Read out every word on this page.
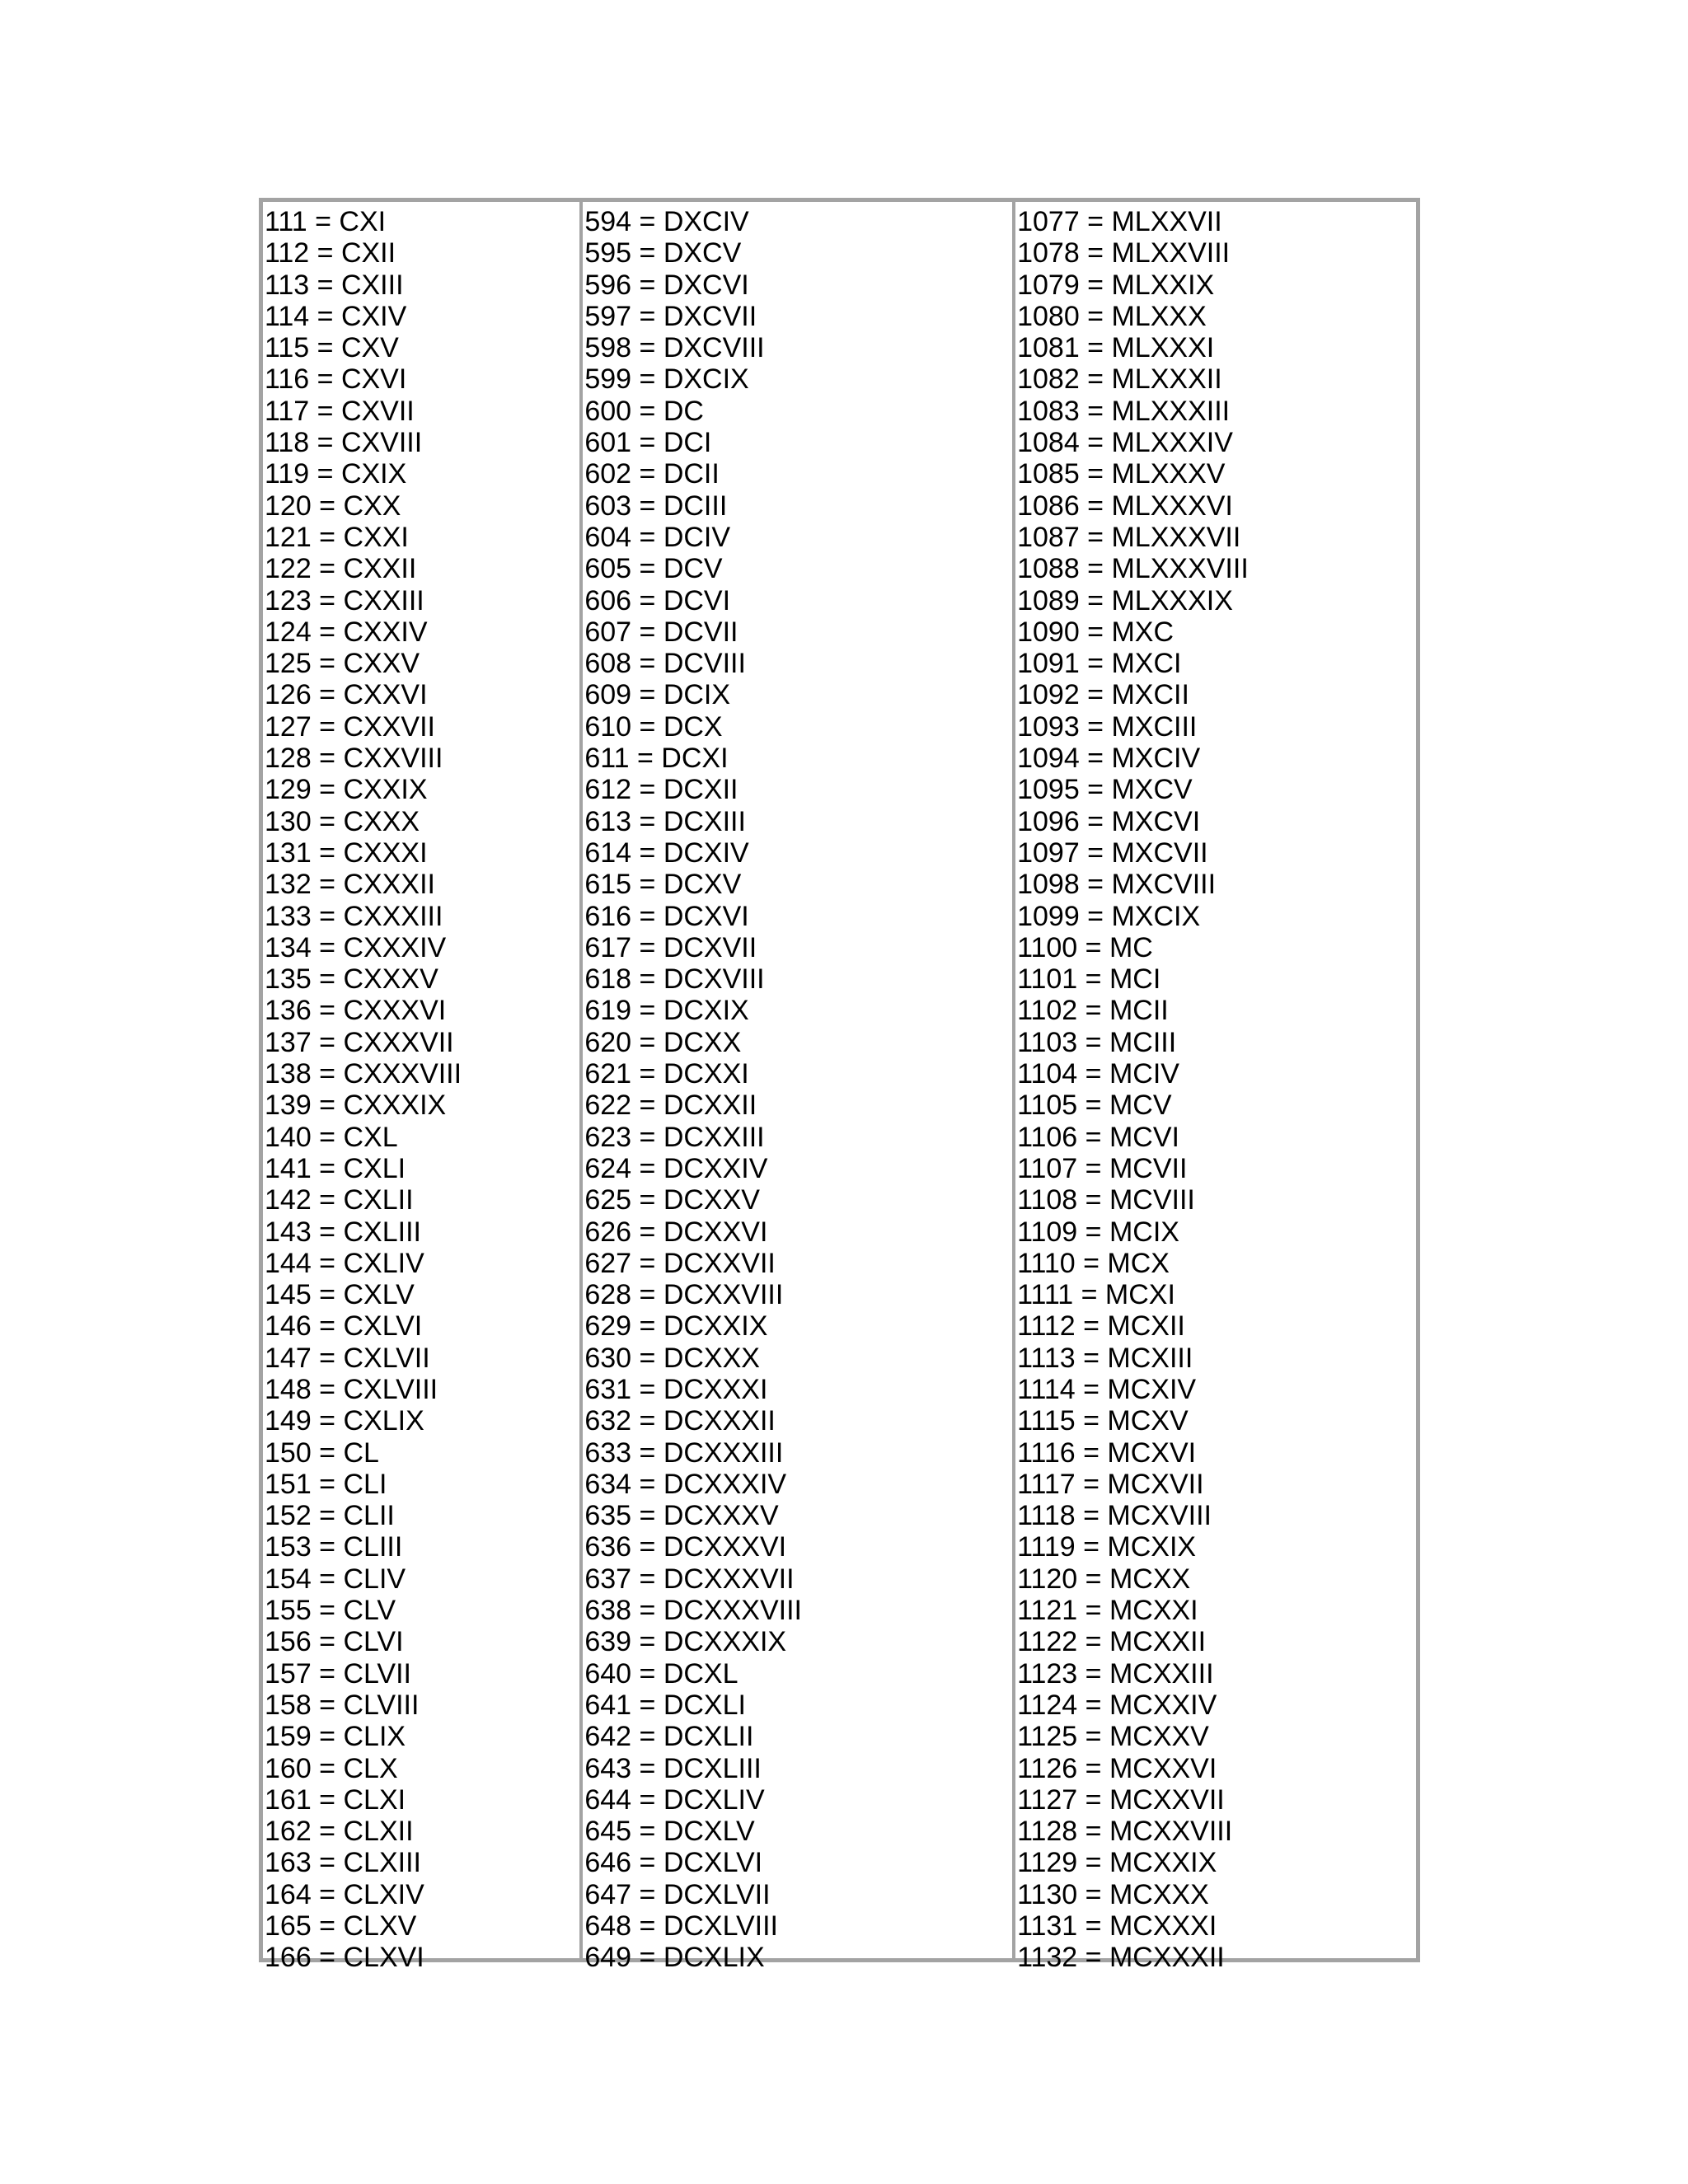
111 = CXI
112 = CXII
113 = CXIII
114 = CXIV
115 = CXV
116 = CXVI
117 = CXVII
118 = CXVIII
119 = CXIX
120 = CXX
121 = CXXI
122 = CXXII
123 = CXXIII
124 = CXXIV
125 = CXXV
126 = CXXVI
127 = CXXVII
128 = CXXVIII
129 = CXXIX
130 = CXXX
131 = CXXXI
132 = CXXXII
133 = CXXXIII
134 = CXXXIV
135 = CXXXV
136 = CXXXVI
137 = CXXXVII
138 = CXXXVIII
139 = CXXXIX
140 = CXL
141 = CXLI
142 = CXLII
143 = CXLIII
144 = CXLIV
145 = CXLV
146 = CXLVI
147 = CXLVII
148 = CXLVIII
149 = CXLIX
150 = CL
151 = CLI
152 = CLII
153 = CLIII
154 = CLIV
155 = CLV
156 = CLVI
157 = CLVII
158 = CLVIII
159 = CLIX
160 = CLX
161 = CLXI
162 = CLXII
163 = CLXIII
164 = CLXIV
165 = CLXV
166 = CLXVI
594 = DXCIV
595 = DXCV
596 = DXCVI
597 = DXCVII
598 = DXCVIII
599 = DXCIX
600 = DC
601 = DCI
602 = DCII
603 = DCIII
604 = DCIV
605 = DCV
606 = DCVI
607 = DCVII
608 = DCVIII
609 = DCIX
610 = DCX
611 = DCXI
612 = DCXII
613 = DCXIII
614 = DCXIV
615 = DCXV
616 = DCXVI
617 = DCXVII
618 = DCXVIII
619 = DCXIX
620 = DCXX
621 = DCXXI
622 = DCXXII
623 = DCXXIII
624 = DCXXIV
625 = DCXXV
626 = DCXXVI
627 = DCXXVII
628 = DCXXVIII
629 = DCXXIX
630 = DCXXX
631 = DCXXXI
632 = DCXXXII
633 = DCXXXIII
634 = DCXXXIV
635 = DCXXXV
636 = DCXXXVI
637 = DCXXXVII
638 = DCXXXVIII
639 = DCXXXIX
640 = DCXL
641 = DCXLI
642 = DCXLII
643 = DCXLIII
644 = DCXLIV
645 = DCXLV
646 = DCXLVI
647 = DCXLVII
648 = DCXLVIII
649 = DCXLIX
1077 = MLXXVII
1078 = MLXXVIII
1079 = MLXXIX
1080 = MLXXX
1081 = MLXXXI
1082 = MLXXXII
1083 = MLXXXIII
1084 = MLXXXIV
1085 = MLXXXV
1086 = MLXXXVI
1087 = MLXXXVII
1088 = MLXXXVIII
1089 = MLXXXIX
1090 = MXC
1091 = MXCI
1092 = MXCII
1093 = MXCIII
1094 = MXCIV
1095 = MXCV
1096 = MXCVI
1097 = MXCVII
1098 = MXCVIII
1099 = MXCIX
1100 = MC
1101 = MCI
1102 = MCII
1103 = MCIII
1104 = MCIV
1105 = MCV
1106 = MCVI
1107 = MCVII
1108 = MCVIII
1109 = MCIX
1110 = MCX
1111 = MCXI
1112 = MCXII
1113 = MCXIII
1114 = MCXIV
1115 = MCXV
1116 = MCXVI
1117 = MCXVII
1118 = MCXVIII
1119 = MCXIX
1120 = MCXX
1121 = MCXXI
1122 = MCXXII
1123 = MCXXIII
1124 = MCXXIV
1125 = MCXXV
1126 = MCXXVI
1127 = MCXXVII
1128 = MCXXVIII
1129 = MCXXIX
1130 = MCXXX
1131 = MCXXXI
1132 = MCXXXII
